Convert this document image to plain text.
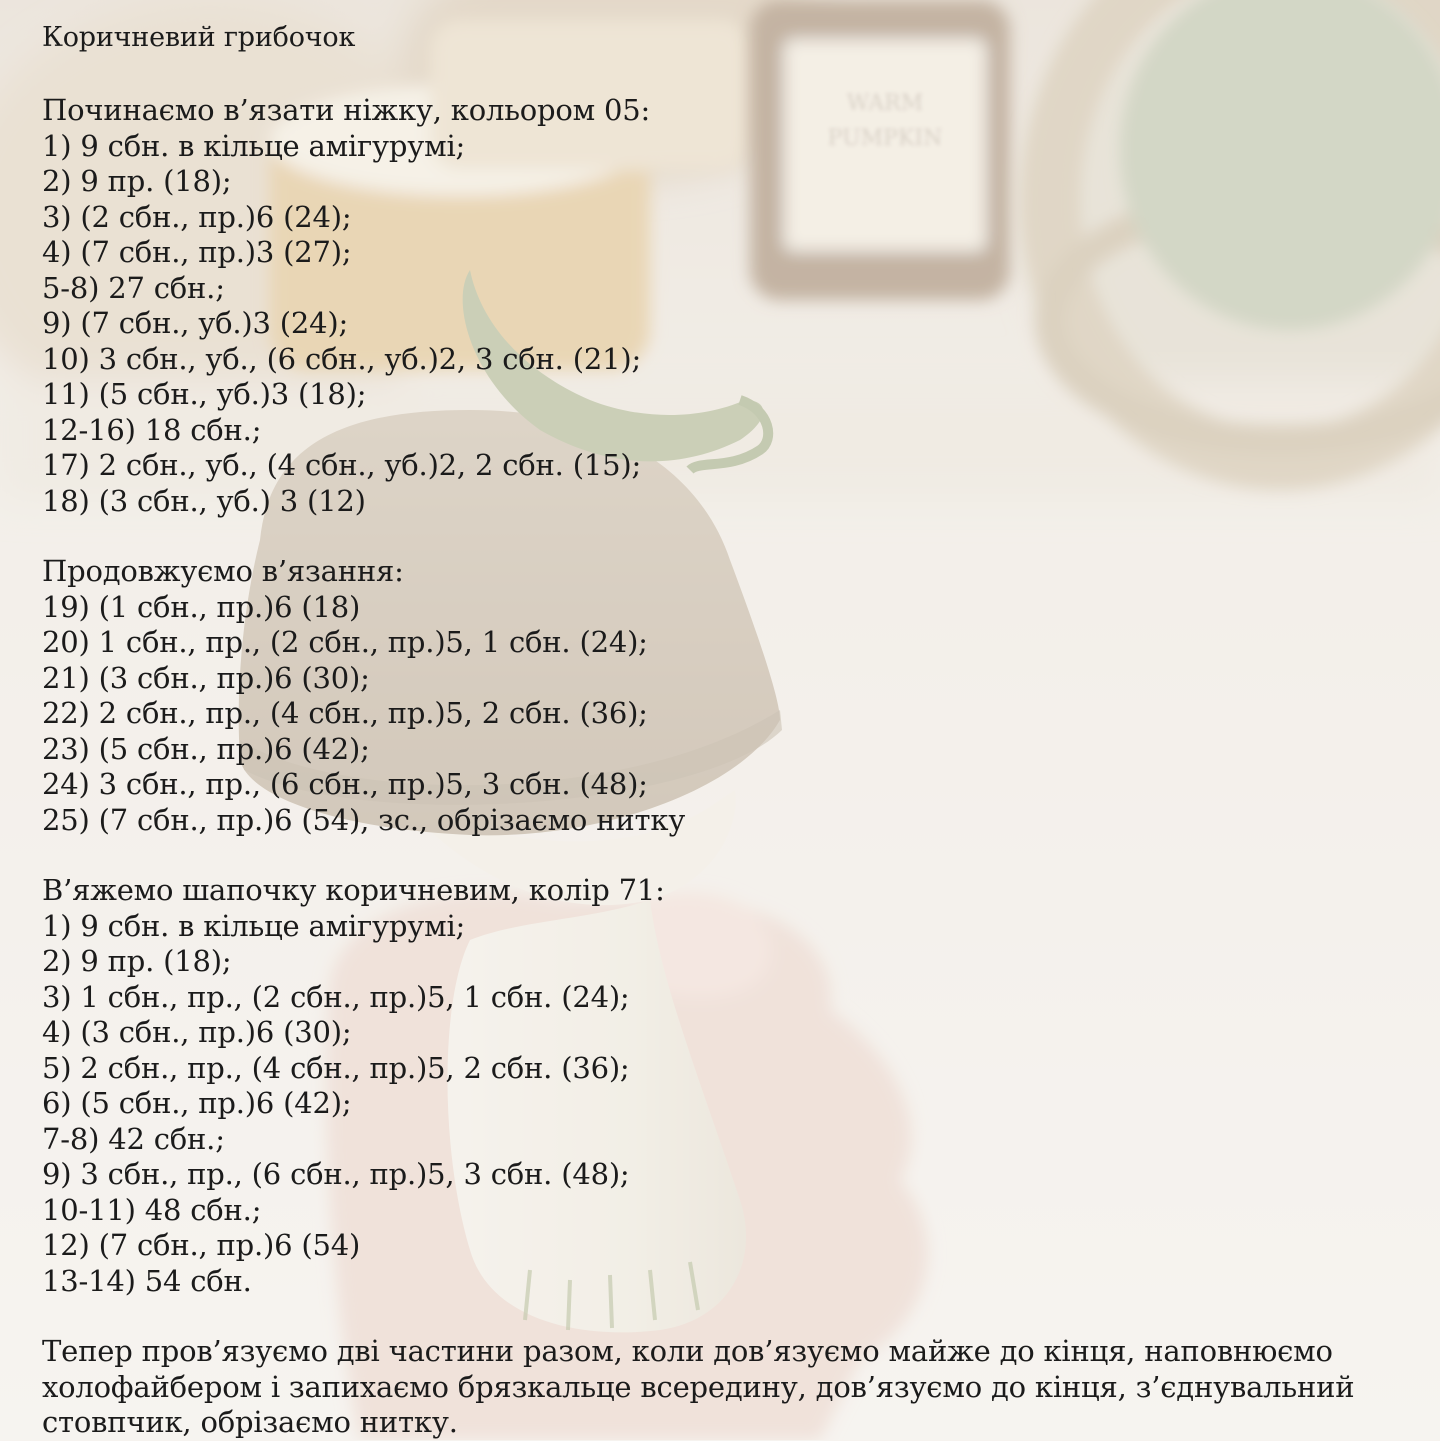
Коричневий грибочок
Починаємо в’язати ніжку, кольором 05:
1) 9 сбн. в кільце амігурумі;
2) 9 пр. (18);
3) (2 сбн., пр.)6 (24);
4) (7 сбн., пр.)3 (27);
5-8) 27 сбн.;
9) (7 сбн., уб.)3 (24);
10) 3 сбн., уб., (6 сбн., уб.)2, 3 сбн. (21);
11) (5 сбн., уб.)3 (18);
12-16) 18 сбн.;
17) 2 сбн., уб., (4 сбн., уб.)2, 2 сбн. (15);
18) (3 сбн., уб.) 3 (12)
Продовжуємо в’язання:
19) (1 сбн., пр.)6 (18)
20) 1 сбн., пр., (2 сбн., пр.)5, 1 сбн. (24);
21) (3 сбн., пр.)6 (30);
22) 2 сбн., пр., (4 сбн., пр.)5, 2 сбн. (36);
23) (5 сбн., пр.)6 (42);
24) 3 сбн., пр., (6 сбн., пр.)5, 3 сбн. (48);
25) (7 сбн., пр.)6 (54), зс., обрізаємо нитку
В’яжемо шапочку коричневим, колір 71:
1) 9 сбн. в кільце амігурумі;
2) 9 пр. (18);
3) 1 сбн., пр., (2 сбн., пр.)5, 1 сбн. (24);
4) (3 сбн., пр.)6 (30);
5) 2 сбн., пр., (4 сбн., пр.)5, 2 сбн. (36);
6) (5 сбн., пр.)6 (42);
7-8) 42 сбн.;
9) 3 сбн., пр., (6 сбн., пр.)5, 3 сбн. (48);
10-11) 48 сбн.;
12) (7 сбн., пр.)6 (54)
13-14) 54 сбн.
Тепер пров’язуємо дві частини разом, коли дов’язуємо майже до кінця, наповнюємо
холофайбером і запихаємо брязкальце всередину, дов’язуємо до кінця, з’єднувальний
стовпчик, обрізаємо нитку.
